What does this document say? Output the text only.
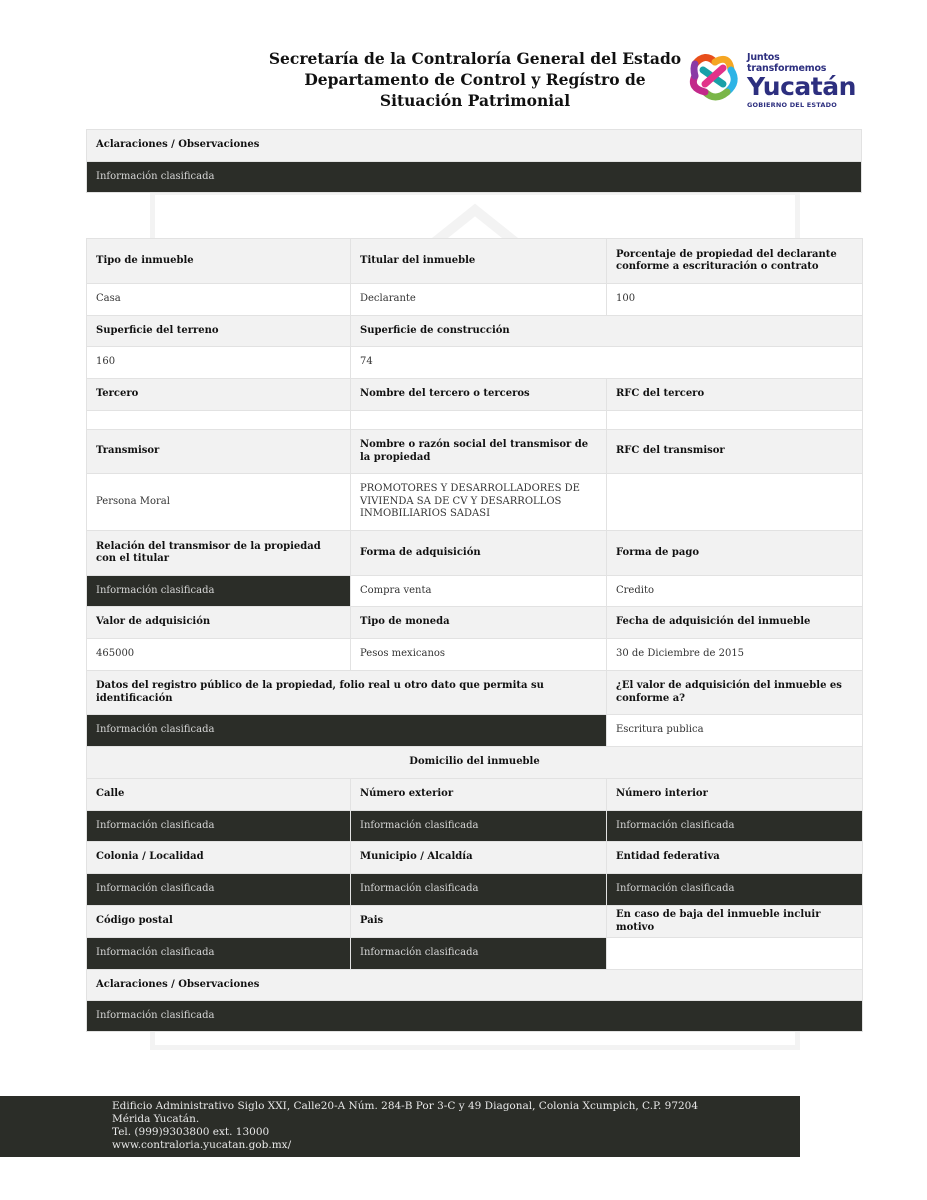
Secretaría de la Contraloría General del Estado
Departamento de Control y Regístro de
Situación Patrimonial
Juntos transformemos
Yucatán
GOBIERNO DEL ESTADO
Aclaraciones / Observaciones
Información clasificada
Tipo de inmueble	Titular del inmueble	Porcentaje de propiedad del declarante conforme a escrituración o contrato
Casa	Declarante	100
Superficie del terreno	Superficie de construcción	
160	74	
Tercero	Nombre del tercero o terceros	RFC del tercero

Transmisor	Nombre o razón social del transmisor de la propiedad	RFC del transmisor
Persona Moral	PROMOTORES Y DESARROLLADORES DE VIVIENDA SA DE CV Y DESARROLLOS INMOBILIARIOS SADASI	
Relación del transmisor de la propiedad con el titular	Forma de adquisición	Forma de pago
Información clasificada	Compra venta	Credito
Valor de adquisición	Tipo de moneda	Fecha de adquisición del inmueble
465000	Pesos mexicanos	30 de Diciembre de 2015
Datos del registro público de la propiedad, folio real u otro dato que permita su identificación		¿El valor de adquisición del inmueble es conforme a?
Información clasificada		Escritura publica
Domicilio del inmueble		
Calle	Número exterior	Número interior
Información clasificada	Información clasificada	Información clasificada
Colonia / Localidad	Municipio / Alcaldía	Entidad federativa
Información clasificada	Información clasificada	Información clasificada
Código postal	Pais	En caso de baja del inmueble incluir motivo
Información clasificada	Información clasificada	
Aclaraciones / Observaciones		
Información clasificada		
Edificio Administrativo Siglo XXI, Calle20-A Núm. 284-B Por 3-C y 49 Diagonal, Colonia Xcumpich, C.P. 97204
Mérida Yucatán.
Tel. (999)9303800 ext. 13000
www.contraloria.yucatan.gob.mx/
